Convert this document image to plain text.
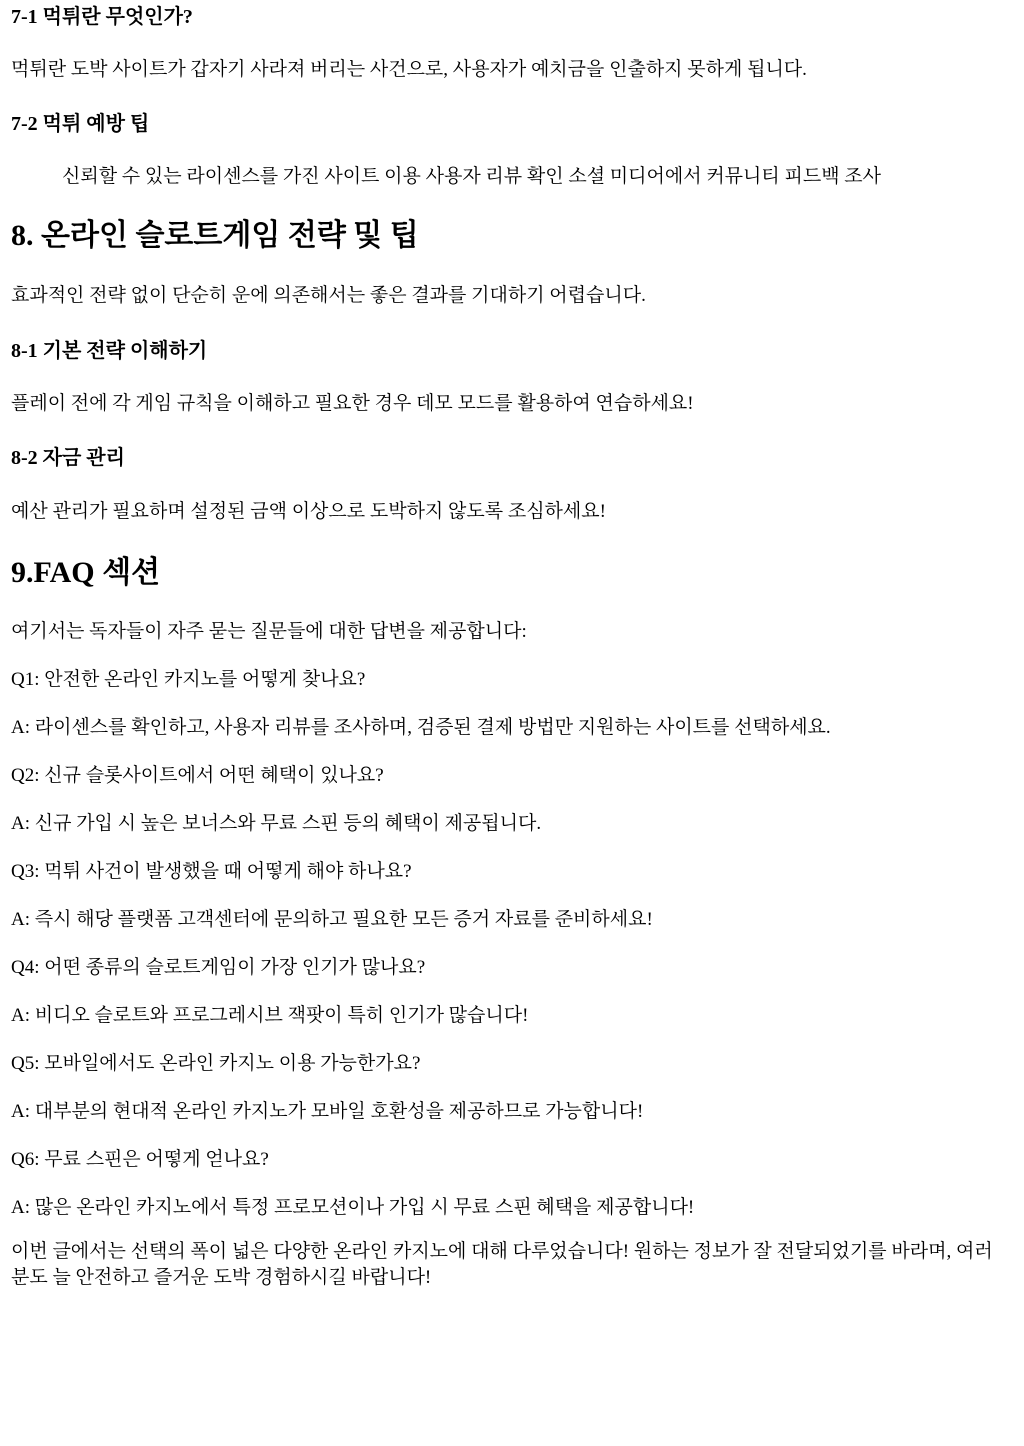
7-1 먹튀란 무엇인가?

먹튀란 도박 사이트가 갑자기 사라져 버리는 사건으로, 사용자가 예치금을 인출하지 못하게 됩니다.

7-2 먹튀 예방 팁

신뢰할 수 있는 라이센스를 가진 사이트 이용 사용자 리뷰 확인 소셜 미디어에서 커뮤니티 피드백 조사

8. 온라인 슬로트게임 전략 및 팁

효과적인 전략 없이 단순히 운에 의존해서는 좋은 결과를 기대하기 어렵습니다.

8-1 기본 전략 이해하기

플레이 전에 각 게임 규칙을 이해하고 필요한 경우 데모 모드를 활용하여 연습하세요!

8-2 자금 관리

예산 관리가 필요하며 설정된 금액 이상으로 도박하지 않도록 조심하세요!

9.FAQ 섹션

여기서는 독자들이 자주 묻는 질문들에 대한 답변을 제공합니다:

Q1: 안전한 온라인 카지노를 어떻게 찾나요?

A: 라이센스를 확인하고, 사용자 리뷰를 조사하며, 검증된 결제 방법만 지원하는 사이트를 선택하세요.

Q2: 신규 슬롯사이트에서 어떤 혜택이 있나요?

A: 신규 가입 시 높은 보너스와 무료 스핀 등의 혜택이 제공됩니다.

Q3: 먹튀 사건이 발생했을 때 어떻게 해야 하나요?

A: 즉시 해당 플랫폼 고객센터에 문의하고 필요한 모든 증거 자료를 준비하세요!

Q4: 어떤 종류의 슬로트게임이 가장 인기가 많나요?

A: 비디오 슬로트와 프로그레시브 잭팟이 특히 인기가 많습니다!

Q5: 모바일에서도 온라인 카지노 이용 가능한가요?

A: 대부분의 현대적 온라인 카지노가 모바일 호환성을 제공하므로 가능합니다!

Q6: 무료 스핀은 어떻게 얻나요?

A: 많은 온라인 카지노에서 특정 프로모션이나 가입 시 무료 스핀 혜택을 제공합니다!

이번 글에서는 선택의 폭이 넓은 다양한 온라인 카지노에 대해 다루었습니다! 원하는 정보가 잘 전달되었기를 바라며, 여러분도 늘 안전하고 즐거운 도박 경험하시길 바랍니다!
